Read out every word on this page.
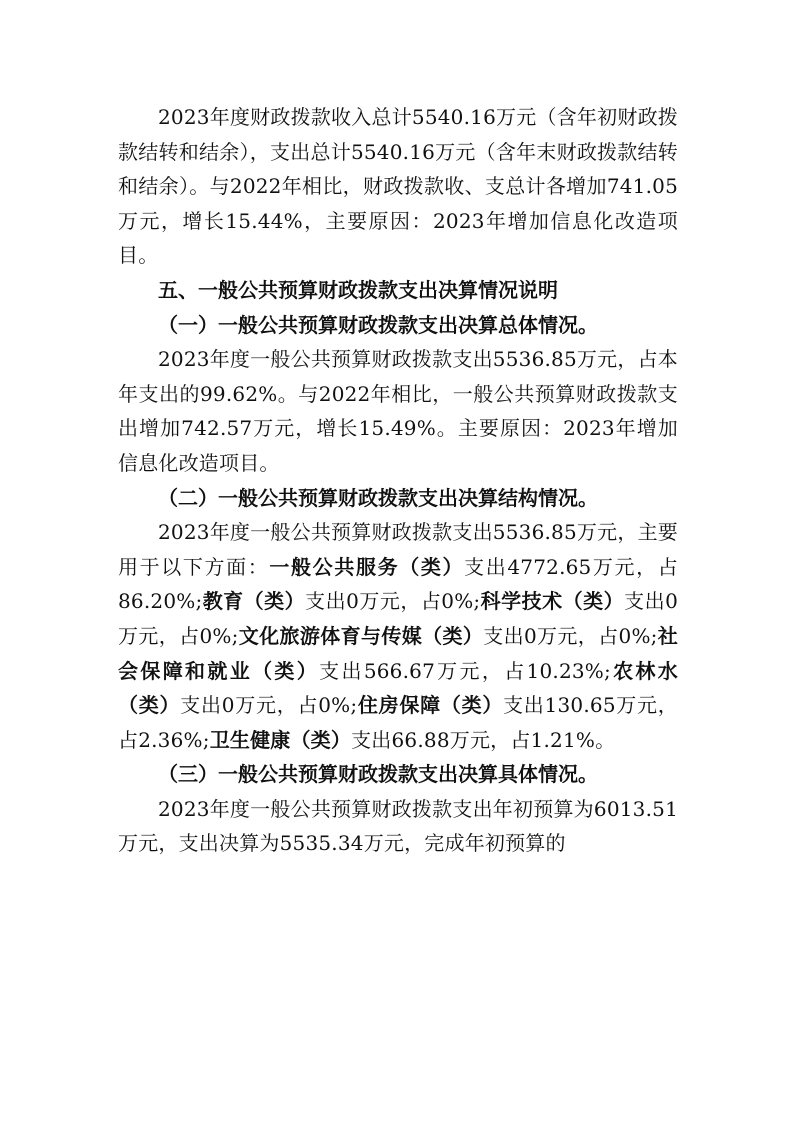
2023年度财政拨款收入总计5540.16万元（含年初财政拨款结转和结余），支出总计5540.16万元（含年末财政拨款结转和结余）。与2022年相比，财政拨款收、支总计各增加741.05万元，增长15.44%，主要原因：2023年增加信息化改造项目。

五、一般公共预算财政拨款支出决算情况说明

（一）一般公共预算财政拨款支出决算总体情况。

2023年度一般公共预算财政拨款支出5536.85万元，占本年支出的99.62%。与2022年相比，一般公共预算财政拨款支出增加742.57万元，增长15.49%。主要原因：2023年增加信息化改造项目。

（二）一般公共预算财政拨款支出决算结构情况。

2023年度一般公共预算财政拨款支出5536.85万元，主要用于以下方面：一般公共服务（类）支出4772.65万元，占86.20%;教育（类）支出0万元，占0%;科学技术（类）支出0万元，占0%;文化旅游体育与传媒（类）支出0万元，占0%;社会保障和就业（类）支出566.67万元，占10.23%;农林水（类）支出0万元，占0%;住房保障（类）支出130.65万元，占2.36%;卫生健康（类）支出66.88万元，占1.21%。

（三）一般公共预算财政拨款支出决算具体情况。

2023年度一般公共预算财政拨款支出年初预算为6013.51万元，支出决算为5535.34万元，完成年初预算的
